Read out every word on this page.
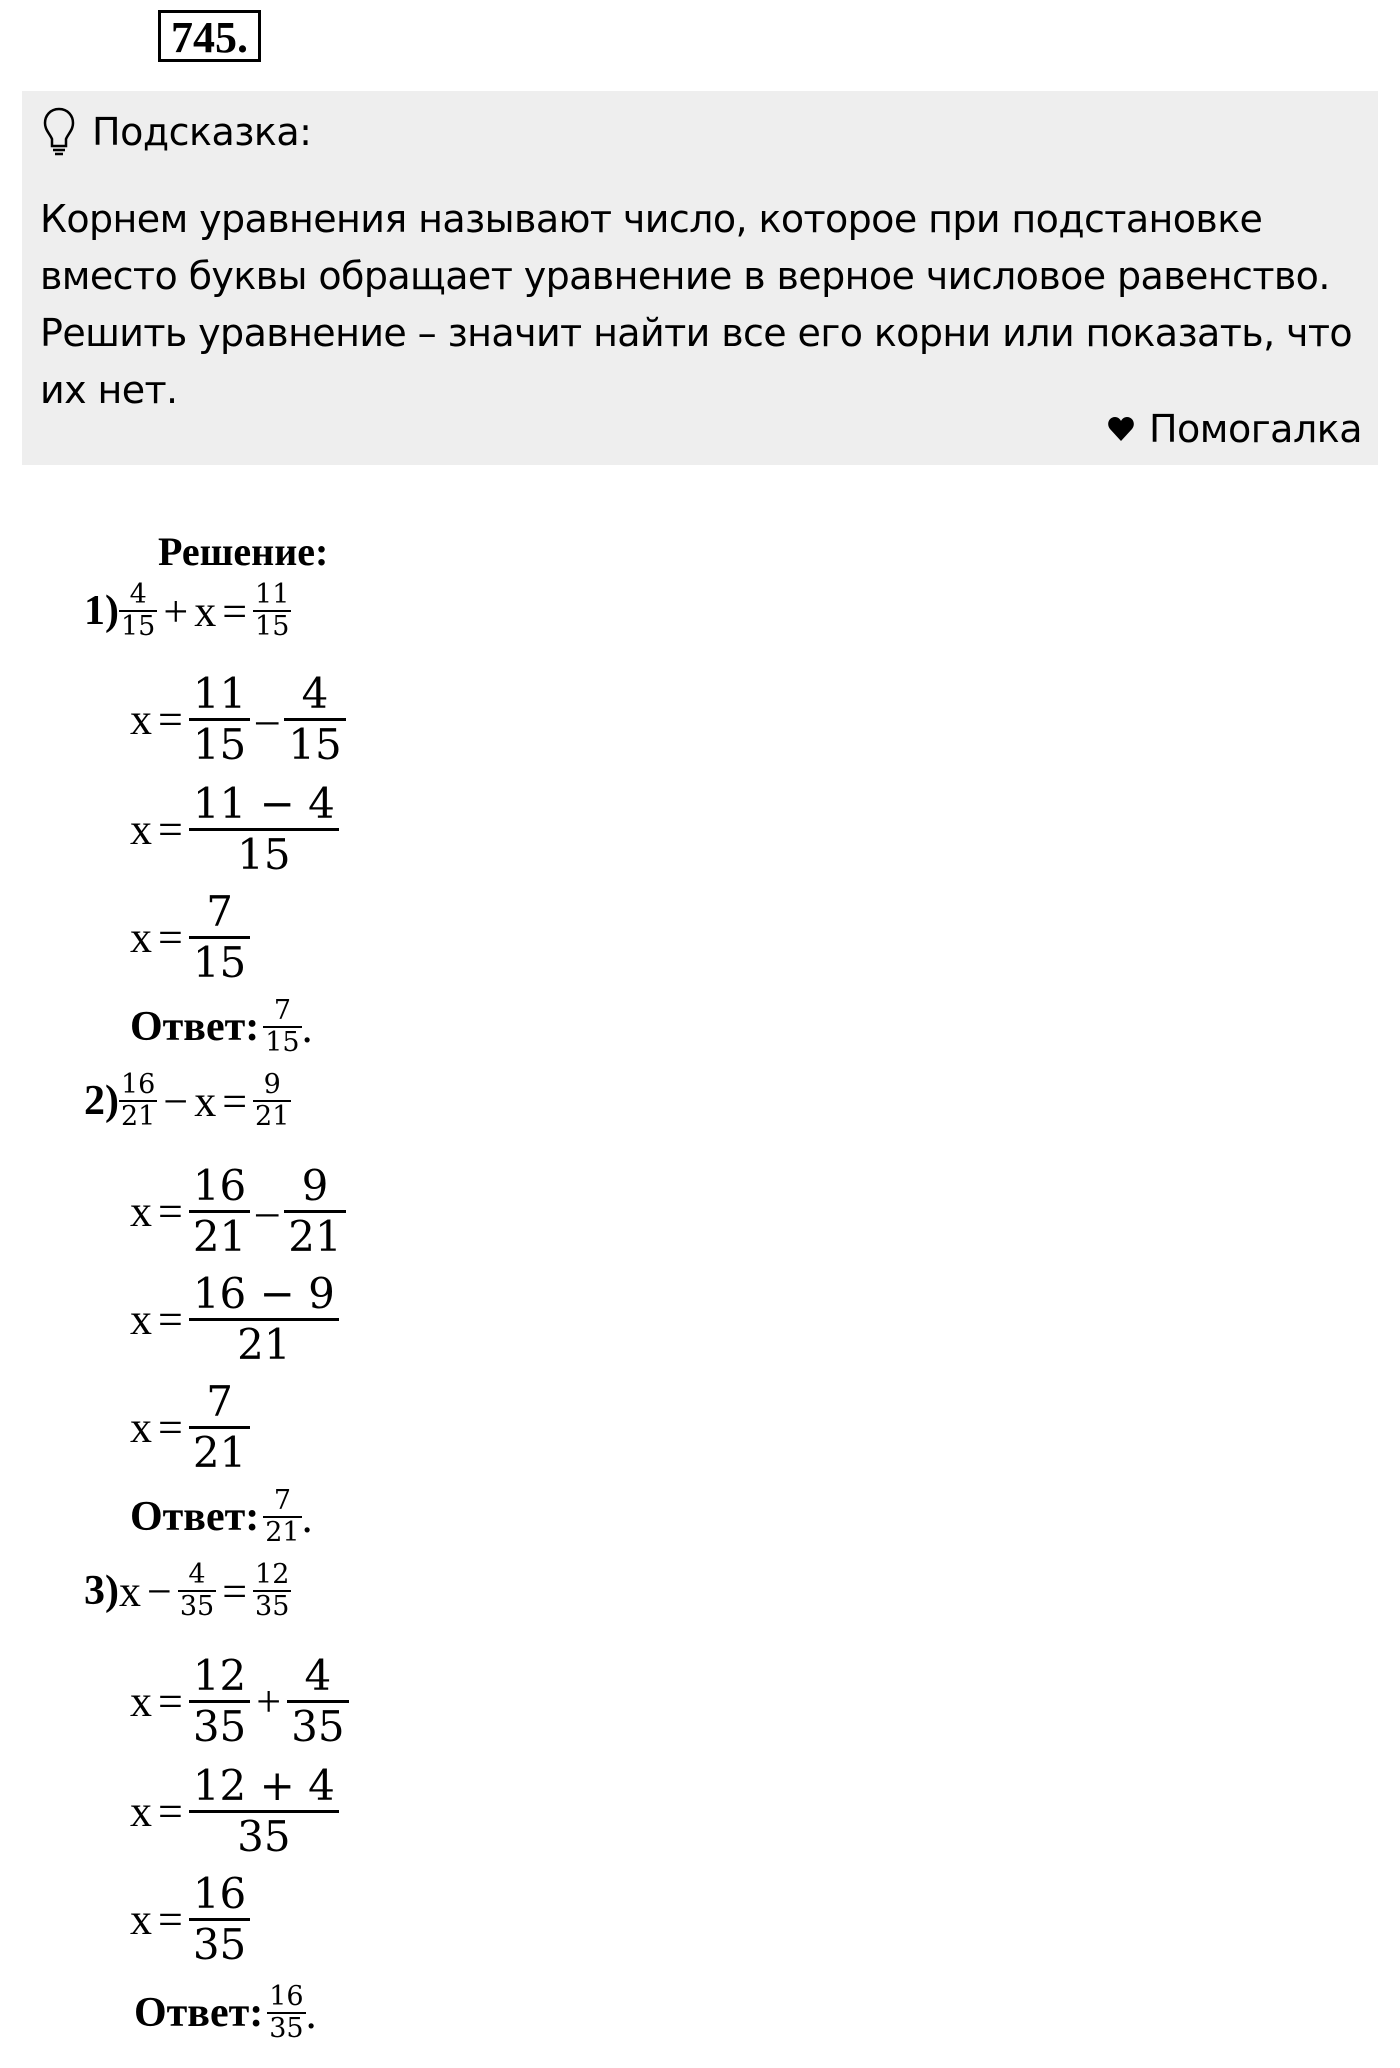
745.
Подсказка:

Корнем уравнения называют число, которое при подстановке вместо буквы обращает уравнение в верное числовое равенство. Решить уравнение – значит найти все его корни или показать, что их нет.

Помогалка
Решение:
$1) \frac{4}{15} + x = \frac{11}{15}$
$x = \frac{11}{15} - \frac{4}{15}$
$x = \frac{11 - 4}{15}$
$x = \frac{7}{15}$
Ответ:
$\frac{7}{15}$ .
$2) \frac{16}{21} - x = \frac{9}{21}$
$x = \frac{16}{21} - \frac{9}{21}$
$x = \frac{16 - 9}{21}$
$x = \frac{7}{21}$
Ответ:
$\frac{7}{21}$ .
3) $x - \frac{4}{35} = \frac{12}{35}$
$x = \frac{12}{35} + \frac{4}{35}$
$x = \frac{12 + 4}{35}$
$x = \frac{16}{35}$
Ответ:
$\frac{16}{35}$ .
